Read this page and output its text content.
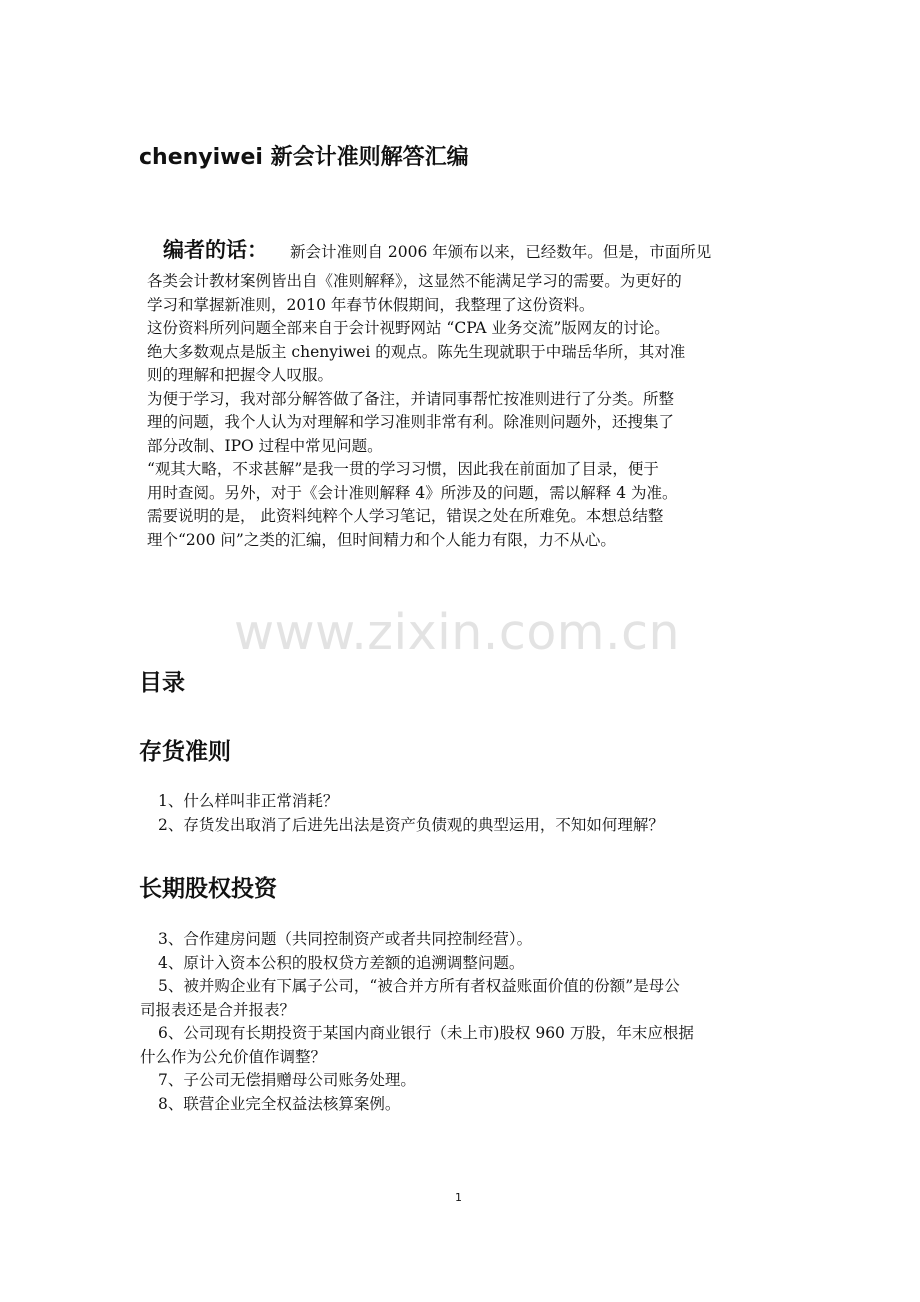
chenyiwei 新会计准则解答汇编
编者的话： 新会计准则自 2006 年颁布以来，已经数年。但是，市面所见
各类会计教材案例皆出自《准则解释》，这显然不能满足学习的需要。为更好的
学习和掌握新准则，2010 年春节休假期间，我整理了这份资料。
这份资料所列问题全部来自于会计视野网站 “CPA 业务交流”版网友的讨论。
绝大多数观点是版主 chenyiwei 的观点。陈先生现就职于中瑞岳华所，其对准
则的理解和把握令人叹服。
为便于学习，我对部分解答做了备注，并请同事帮忙按准则进行了分类。所整
理的问题，我个人认为对理解和学习准则非常有利。除准则问题外，还搜集了
部分改制、IPO 过程中常见问题。
“观其大略，不求甚解”是我一贯的学习习惯，因此我在前面加了目录，便于
用时查阅。另外，对于《会计准则解释 4》所涉及的问题，需以解释 4 为准。
需要说明的是， 此资料纯粹个人学习笔记，错误之处在所难免。本想总结整
理个“200 问”之类的汇编，但时间精力和个人能力有限，力不从心。
www.zixin.com.cn
目录
存货准则
1、什么样叫非正常消耗？
2、存货发出取消了后进先出法是资产负债观的典型运用，不知如何理解？
长期股权投资
3、合作建房问题（共同控制资产或者共同控制经营）。
4、原计入资本公积的股权贷方差额的追溯调整问题。
5、被并购企业有下属子公司，“被合并方所有者权益账面价值的份额”是母公
司报表还是合并报表？
6、公司现有长期投资于某国内商业银行（未上市)股权 960 万股，年末应根据
什么作为公允价值作调整？
7、子公司无偿捐赠母公司账务处理。
8、联营企业完全权益法核算案例。
1
